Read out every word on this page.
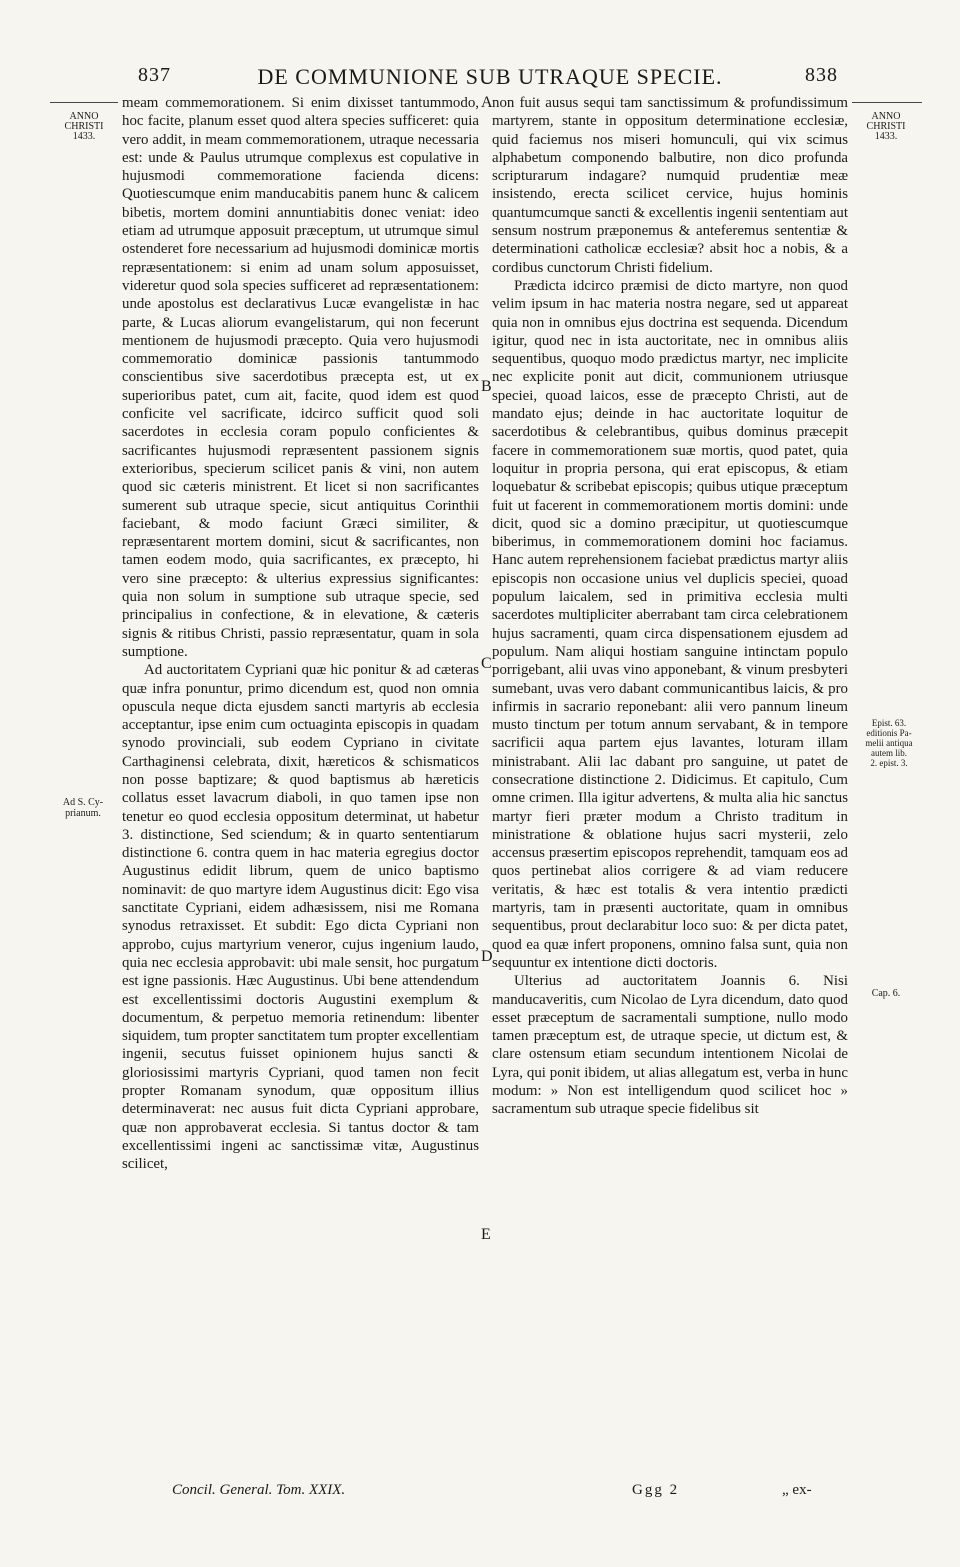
837	DE COMMUNIONE SUB UTRAQUE SPECIE.	838
ANNO
CHRISTI
1433.
ANNO
CHRISTI
1433.
Ad S. Cy-
prianum.
Epist. 63.
editionis Pa-
melii antiqua
autem lib.
2. epist. 3.
Cap. 6.
A
B
C
D
E

meam commemorationem. Si enim dixisset tantummodo, hoc facite, planum esset quod altera species sufficeret: quia vero addit, in meam commemorationem, utraque necessaria est: unde & Paulus utrumque complexus est copulative in hujusmodi commemoratione facienda dicens: Quotiescumque enim manducabitis panem hunc & calicem bibetis, mortem domini annuntiabitis donec veniat: ideo etiam ad utrumque apposuit præceptum, ut utrumque simul ostenderet fore necessarium ad hujusmodi dominicæ mortis repræsentationem: si enim ad unam solum apposuisset, videretur quod sola species sufficeret ad repræsentationem: unde apostolus est declarativus Lucæ evangelistæ in hac parte, & Lucas aliorum evangelistarum, qui non fecerunt mentionem de hujusmodi præcepto. Quia vero hujusmodi commemoratio dominicæ passionis tantummodo conscientibus sive sacerdotibus præcepta est, ut ex superioribus patet, cum ait, facite, quod idem est quod conficite vel sacrificate, idcirco sufficit quod soli sacerdotes in ecclesia coram populo conficientes & sacrificantes hujusmodi repræsentent passionem signis exterioribus, specierum scilicet panis & vini, non autem quod sic cæteris ministrent. Et licet si non sacrificantes sumerent sub utraque specie, sicut antiquitus Corinthii faciebant, & modo faciunt Græci similiter, & repræsentarent mortem domini, sicut & sacrificantes, non tamen eodem modo, quia sacrificantes, ex præcepto, hi vero sine præcepto: & ulterius expressius significantes: quia non solum in sumptione sub utraque specie, sed principalius in confectione, & in elevatione, & cæteris signis & ritibus Christi, passio repræsentatur, quam in sola sumptione.

Ad auctoritatem Cypriani quæ hic ponitur & ad cæteras quæ infra ponuntur, primo dicendum est, quod non omnia opuscula neque dicta ejusdem sancti martyris ab ecclesia acceptantur, ipse enim cum octuaginta episcopis in quadam synodo provinciali, sub eodem Cypriano in civitate Carthaginensi celebrata, dixit, hæreticos & schismaticos non posse baptizare; & quod baptismus ab hæreticis collatus esset lavacrum diaboli, in quo tamen ipse non tenetur eo quod ecclesia oppositum determinat, ut habetur 3. distinctione, Sed sciendum; & in quarto sententiarum distinctione 6. contra quem in hac materia egregius doctor Augustinus edidit librum, quem de unico baptismo nominavit: de quo martyre idem Augustinus dicit: Ego visa sanctitate Cypriani, eidem adhæsissem, nisi me Romana synodus retraxisset. Et subdit: Ego dicta Cypriani non approbo, cujus martyrium veneror, cujus ingenium laudo, quia nec ecclesia approbavit: ubi male sensit, hoc purgatum est igne passionis. Hæc Augustinus. Ubi bene attendendum est excellentissimi doctoris Augustini exemplum & documentum, & perpetuo memoria retinendum: libenter siquidem, tum propter sanctitatem tum propter excellentiam ingenii, secutus fuisset opinionem hujus sancti & gloriosissimi martyris Cypriani, quod tamen non fecit propter Romanam synodum, quæ oppositum illius determinaverat: nec ausus fuit dicta Cypriani approbare, quæ non approbaverat ecclesia. Si tantus doctor & tam excellentissimi ingeni ac sanctissimæ vitæ, Augustinus scilicet,

non fuit ausus sequi tam sanctissimum & profundissimum martyrem, stante in oppositum determinatione ecclesiæ, quid faciemus nos miseri homunculi, qui vix scimus alphabetum componendo balbutire, non dico profunda scripturarum indagare? numquid prudentiæ meæ insistendo, erecta scilicet cervice, hujus hominis quantumcumque sancti & excellentis ingenii sententiam aut sensum nostrum præponemus & anteferemus sententiæ & determinationi catholicæ ecclesiæ? absit hoc a nobis, & a cordibus cunctorum Christi fidelium.

Prædicta idcirco præmisi de dicto martyre, non quod velim ipsum in hac materia nostra negare, sed ut appareat quia non in omnibus ejus doctrina est sequenda. Dicendum igitur, quod nec in ista auctoritate, nec in omnibus aliis sequentibus, quoquo modo prædictus martyr, nec implicite nec explicite ponit aut dicit, communionem utriusque speciei, quoad laicos, esse de præcepto Christi, aut de mandato ejus; deinde in hac auctoritate loquitur de sacerdotibus & celebrantibus, quibus dominus præcepit facere in commemorationem suæ mortis, quod patet, quia loquitur in propria persona, qui erat episcopus, & etiam loquebatur & scribebat episcopis; quibus utique præceptum fuit ut facerent in commemorationem mortis domini: unde dicit, quod sic a domino præcipitur, ut quotiescumque biberimus, in commemorationem domini hoc faciamus. Hanc autem reprehensionem faciebat prædictus martyr aliis episcopis non occasione unius vel duplicis speciei, quoad populum laicalem, sed in primitiva ecclesia multi sacerdotes multipliciter aberrabant tam circa celebrationem hujus sacramenti, quam circa dispensationem ejusdem ad populum. Nam aliqui hostiam sanguine intinctam populo porrigebant, alii uvas vino apponebant, & vinum presbyteri sumebant, uvas vero dabant communicantibus laicis, & pro infirmis in sacrario reponebant: alii vero pannum lineum musto tinctum per totum annum servabant, & in tempore sacrificii aqua partem ejus lavantes, loturam illam ministrabant. Alii lac dabant pro sanguine, ut patet de consecratione distinctione 2. Didicimus. Et capitulo, Cum omne crimen. Illa igitur advertens, & multa alia hic sanctus martyr fieri præter modum a Christo traditum in ministratione & oblatione hujus sacri mysterii, zelo accensus præsertim episcopos reprehendit, tamquam eos ad quos pertinebat alios corrigere & ad viam reducere veritatis, & hæc est totalis & vera intentio prædicti martyris, tam in præsenti auctoritate, quam in omnibus sequentibus, prout declarabitur loco suo: & per dicta patet, quod ea quæ infert proponens, omnino falsa sunt, quia non sequuntur ex intentione dicti doctoris.

Ulterius ad auctoritatem Joannis 6. Nisi manducaveritis, cum Nicolao de Lyra dicendum, dato quod esset præceptum de sacramentali sumptione, nullo modo tamen præceptum est, de utraque specie, ut dictum est, & clare ostensum etiam secundum intentionem Nicolai de Lyra, qui ponit ibidem, ut alias allegatum est, verba in hunc modum: » Non est intelligendum quod scilicet hoc » sacramentum sub utraque specie fidelibus sit

Concil. General. Tom. XXIX.	Ggg 2	„ ex-
